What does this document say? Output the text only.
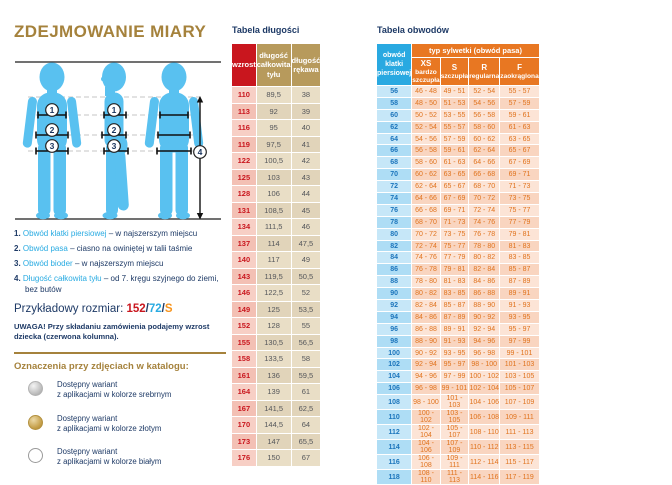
ZDEJMOWANIE MIARY
1
2
3
1
2
3
4
1. Obwód klatki piersiowej – w najszerszym miejscu
2. Obwód pasa – ciasno na owiniętej w talii taśmie
3. Obwód bioder – w najszerszym miejscu
4. Długość całkowita tyłu – od 7. kręgu szyjnego do ziemi, bez butów

Przykładowy rozmiar: 152/72/S

UWAGA! Przy składaniu zamówienia podajemy wzrost dziecka (czerwona kolumna).

Oznaczenia przy zdjęciach w katalogu:
Dostępny wariant
z aplikacjami w kolorze srebrnym
Dostępny wariant
z aplikacjami w kolorze złotym
Dostępny wariant
z aplikacjami w kolorze białym
Tabela długości
wzrost	długość całkowita tyłu	długość rękawa
110	89,5	38
113	92	39
116	95	40
119	97,5	41
122	100,5	42
125	103	43
128	106	44
131	108,5	45
134	111,5	46
137	114	47,5
140	117	49
143	119,5	50,5
146	122,5	52
149	125	53,5
152	128	55
155	130,5	56,5
158	133,5	58
161	136	59,5
164	139	61
167	141,5	62,5
170	144,5	64
173	147	65,5
176	150	67
Tabela obwodów
obwód klatki piersiowej	typ sylwetki (obwód pasa)			

XS
bardzo szczupła

S
szczupła

R
regularna

F
zaokrąglona

56	46 - 48	49 - 51	52 - 54	55 - 57
58	48 - 50	51 - 53	54 - 56	57 - 59
60	50 - 52	53 - 55	56 - 58	59 - 61
62	52 - 54	55 - 57	58 - 60	61 - 63
64	54 - 56	57 - 59	60 - 62	63 - 65
66	56 - 58	59 - 61	62 - 64	65 - 67
68	58 - 60	61 - 63	64 - 66	67 - 69
70	60 - 62	63 - 65	66 - 68	69 - 71
72	62 - 64	65 - 67	68 - 70	71 - 73
74	64 - 66	67 - 69	70 - 72	73 - 75
76	66 - 68	69 - 71	72 - 74	75 - 77
78	68 - 70	71 - 73	74 - 76	77 - 79
80	70 - 72	73 - 75	76 - 78	79 - 81
82	72 - 74	75 - 77	78 - 80	81 - 83
84	74 - 76	77 - 79	80 - 82	83 - 85
86	76 - 78	79 - 81	82 - 84	85 - 87
88	78 - 80	81 - 83	84 - 86	87 - 89
90	80 - 82	83 - 85	86 - 88	89 - 91
92	82 - 84	85 - 87	88 - 90	91 - 93
94	84 - 86	87 - 89	90 - 92	93 - 95
96	86 - 88	89 - 91	92 - 94	95 - 97
98	88 - 90	91 - 93	94 - 96	97 - 99
100	90 - 92	93 - 95	96 - 98	99 - 101
102	92 - 94	95 - 97	98 - 100	101 - 103
104	94 - 96	97 - 99	100 - 102	103 - 105
106	96 - 98	99 - 101	102 - 104	105 - 107
108	98 - 100	101 - 103	104 - 106	107 - 109
110	100 - 102	103 - 105	106 - 108	109 - 111
112	102 - 104	105 - 107	108 - 110	111 - 113
114	104 - 106	107 - 109	110 - 112	113 - 115
116	106 - 108	109 - 111	112 - 114	115 - 117
118	108 - 110	111 - 113	114 - 116	117 - 119
